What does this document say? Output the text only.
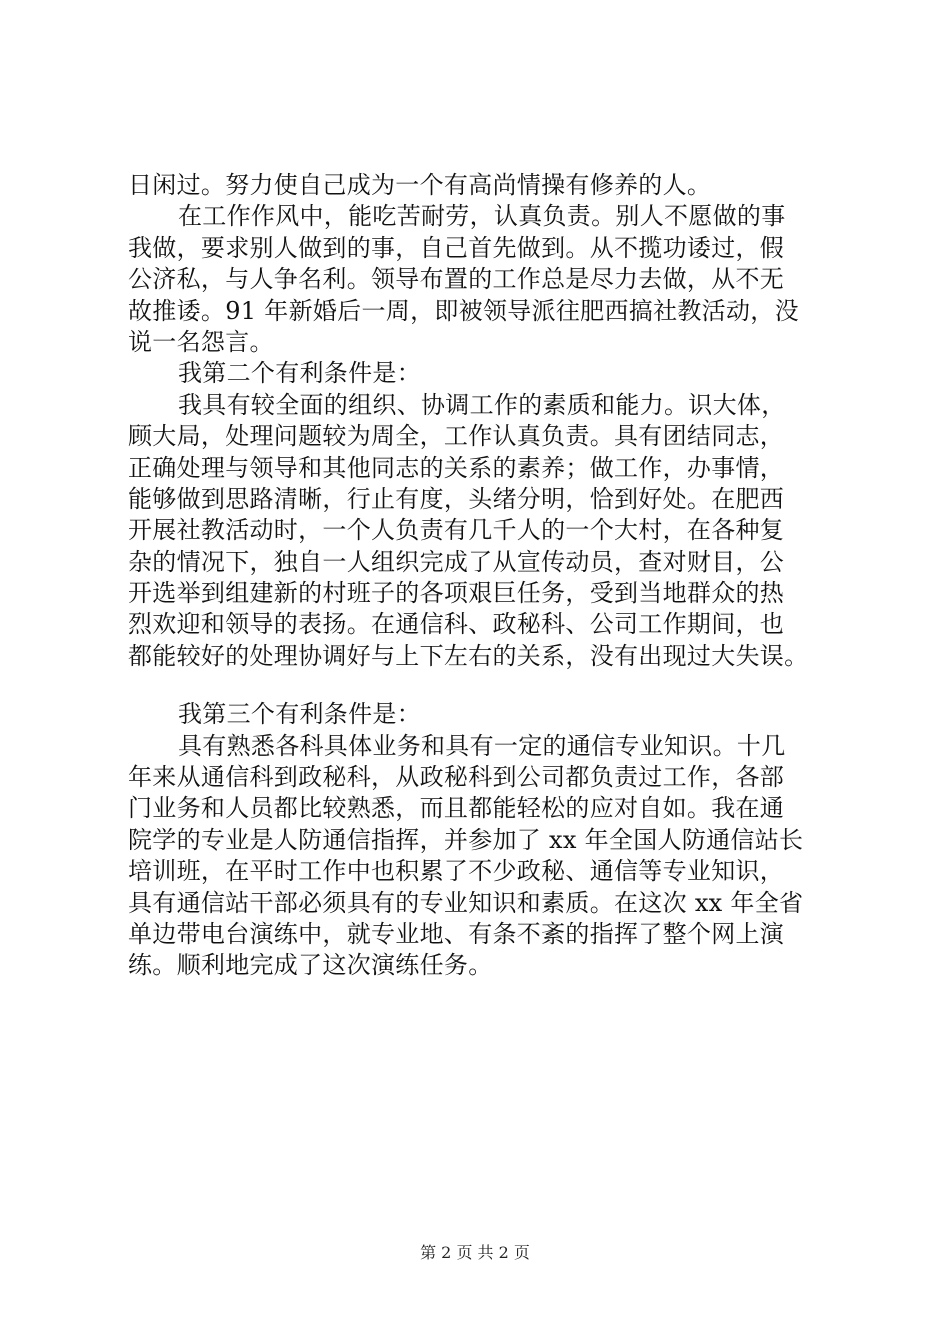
日闲过。努力使自己成为一个有高尚情操有修养的人。
在工作作风中，能吃苦耐劳，认真负责。别人不愿做的事
我做，要求别人做到的事，自己首先做到。从不揽功诿过，假
公济私，与人争名利。领导布置的工作总是尽力去做，从不无
故推诿。91 年新婚后一周，即被领导派往肥西搞社教活动，没
说一名怨言。
我第二个有利条件是：
我具有较全面的组织、协调工作的素质和能力。识大体，
顾大局，处理问题较为周全，工作认真负责。具有团结同志，
正确处理与领导和其他同志的关系的素养；做工作，办事情，
能够做到思路清晰，行止有度，头绪分明，恰到好处。在肥西
开展社教活动时，一个人负责有几千人的一个大村，在各种复
杂的情况下，独自一人组织完成了从宣传动员，查对财目，公
开选举到组建新的村班子的各项艰巨任务，受到当地群众的热
烈欢迎和领导的表扬。在通信科、政秘科、公司工作期间，也
都能较好的处理协调好与上下左右的关系，没有出现过大失误。
我第三个有利条件是：
具有熟悉各科具体业务和具有一定的通信专业知识。十几
年来从通信科到政秘科，从政秘科到公司都负责过工作，各部
门业务和人员都比较熟悉，而且都能轻松的应对自如。我在通
院学的专业是人防通信指挥，并参加了 xx 年全国人防通信站长
培训班，在平时工作中也积累了不少政秘、通信等专业知识，
具有通信站干部必须具有的专业知识和素质。在这次 xx 年全省
单边带电台演练中，就专业地、有条不紊的指挥了整个网上演
练。顺利地完成了这次演练任务。
第 2 页 共 2 页
